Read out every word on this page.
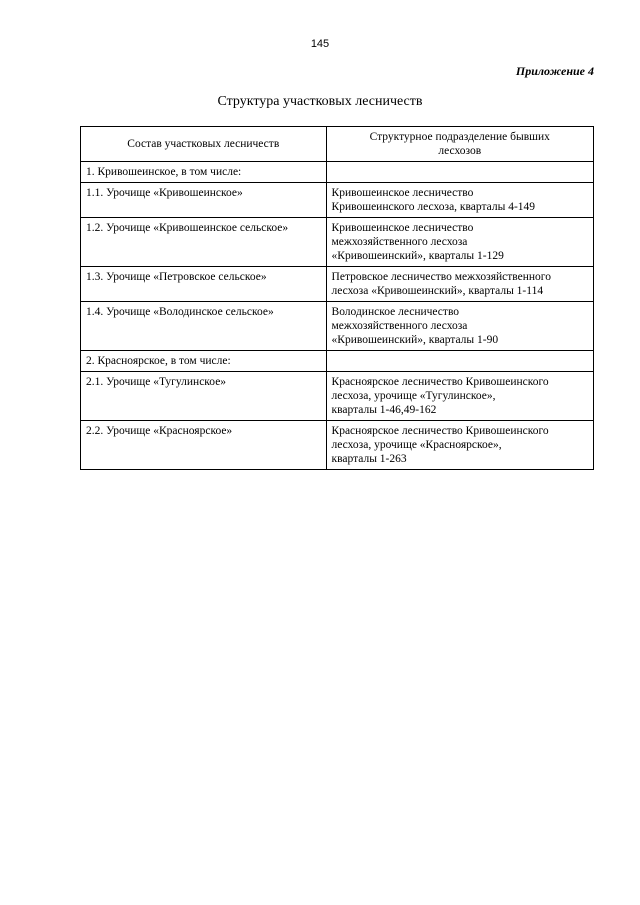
145
Приложение 4
Структура участковых лесничеств
Состав участковых лесничеств	Структурное подразделение бывших
лесхозов

1. Кривошеинское, в том числе:	

1.1. Урочище «Кривошеинское»	Кривошеинское лесничество
Кривошеинского лесхоза, кварталы 4-149

1.2. Урочище «Кривошеинское сельское»	Кривошеинское лесничество
межхозяйственного лесхоза
«Кривошеинский», кварталы 1-129

1.3. Урочище «Петровское сельское»	Петровское лесничество межхозяйственного
лесхоза «Кривошеинский», кварталы 1-114

1.4. Урочище «Володинское сельское»	Володинское лесничество
межхозяйственного лесхоза
«Кривошеинский», кварталы 1-90

2. Красноярское, в том числе:	

2.1. Урочище «Тугулинское»	Красноярское лесничество Кривошеинского
лесхоза, урочище «Тугулинское»,
кварталы 1-46,49-162

2.2. Урочище «Красноярское»	Красноярское лесничество Кривошеинского
лесхоза, урочище «Красноярское»,
кварталы 1-263
